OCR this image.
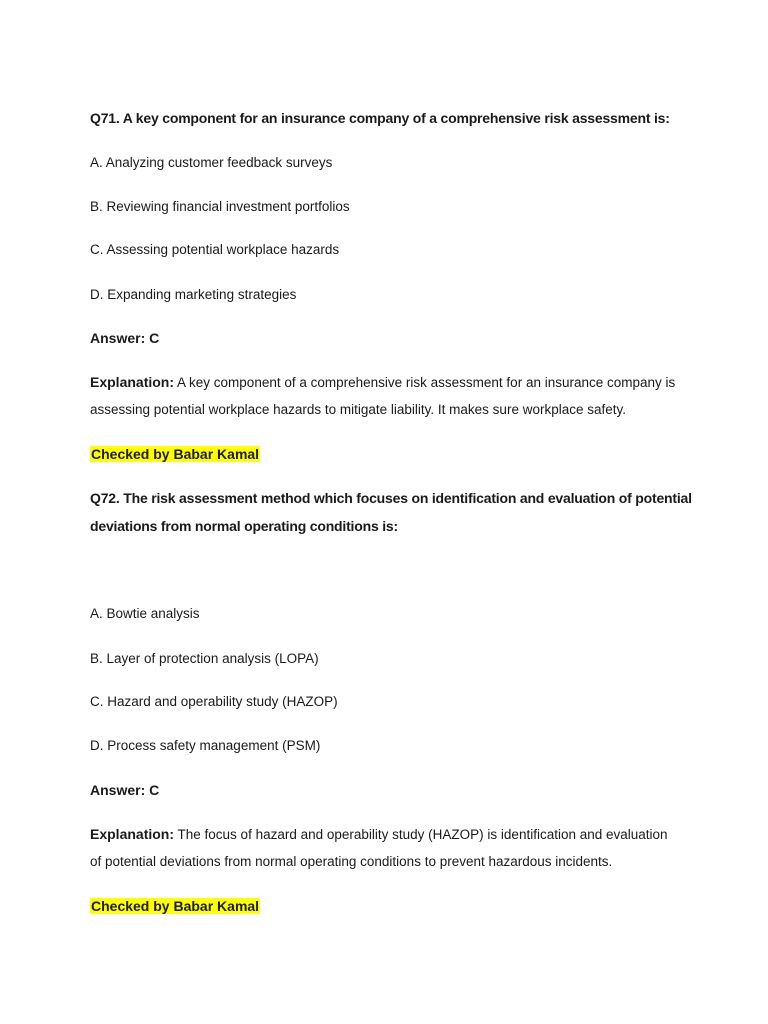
Q71. A key component for an insurance company of a comprehensive risk assessment is:
A. Analyzing customer feedback surveys
B. Reviewing financial investment portfolios
C. Assessing potential workplace hazards
D. Expanding marketing strategies
Answer: C
Explanation: A key component of a comprehensive risk assessment for an insurance company is
assessing potential workplace hazards to mitigate liability. It makes sure workplace safety.
Checked by Babar Kamal
Q72. The risk assessment method which focuses on identification and evaluation of potential
deviations from normal operating conditions is:
A. Bowtie analysis
B. Layer of protection analysis (LOPA)
C. Hazard and operability study (HAZOP)
D. Process safety management (PSM)
Answer: C
Explanation: The focus of hazard and operability study (HAZOP) is identification and evaluation
of potential deviations from normal operating conditions to prevent hazardous incidents.
Checked by Babar Kamal
